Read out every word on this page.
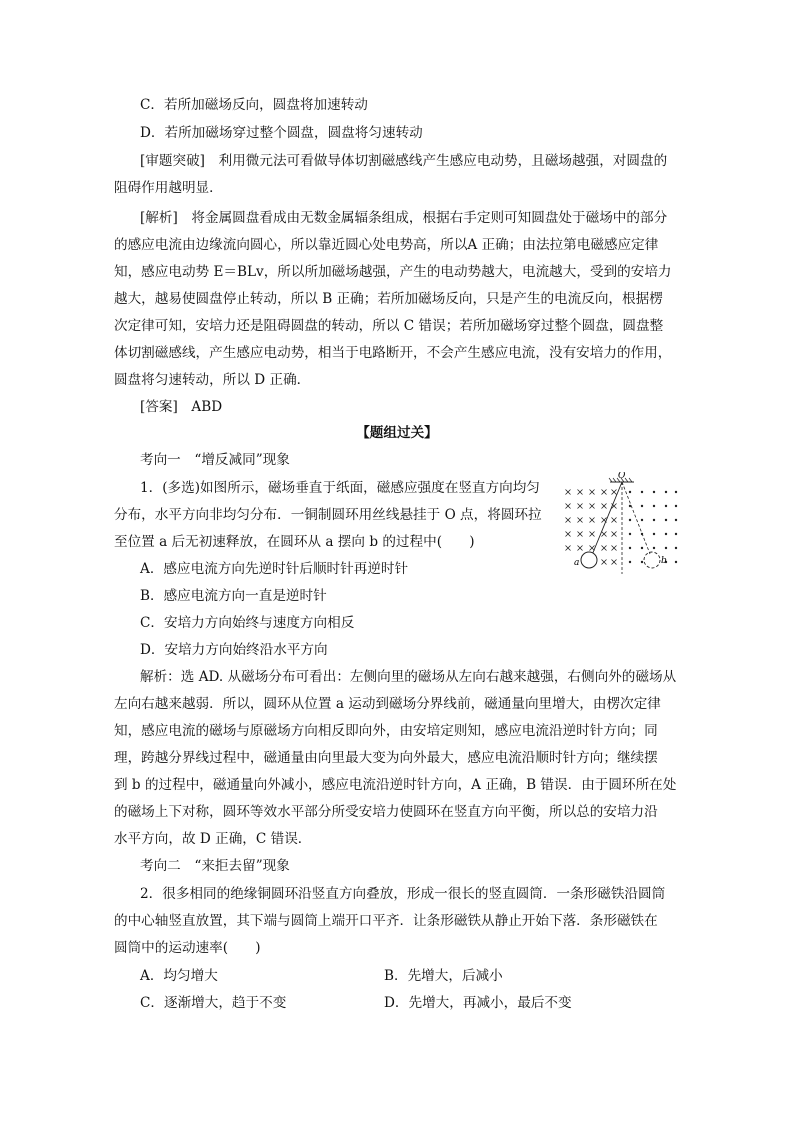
C．若所加磁场反向，圆盘将加速转动
D．若所加磁场穿过整个圆盘，圆盘将匀速转动
[审题突破]　利用微元法可看做导体切割磁感线产生感应电动势，且磁场越强，对圆盘的
阻碍作用越明显．
[解析]　将金属圆盘看成由无数金属辐条组成，根据右手定则可知圆盘处于磁场中的部分
的感应电流由边缘流向圆心，所以靠近圆心处电势高，所以A 正确；由法拉第电磁感应定律
知，感应电动势 E＝BLv，所以所加磁场越强，产生的电动势越大，电流越大，受到的安培力
越大，越易使圆盘停止转动，所以 B 正确；若所加磁场反向，只是产生的电流反向，根据楞
次定律可知，安培力还是阻碍圆盘的转动，所以 C 错误；若所加磁场穿过整个圆盘，圆盘整
体切割磁感线，产生感应电动势，相当于电路断开，不会产生感应电流，没有安培力的作用，
圆盘将匀速转动，所以 D 正确．
[答案]　ABD
【题组过关】
考向一　“增反减同”现象
1．(多选)如图所示，磁场垂直于纸面，磁感应强度在竖直方向均匀
分布，水平方向非均匀分布．一铜制圆环用丝线悬挂于 O 点，将圆环拉
至位置 a 后无初速释放，在圆环从 a 摆向 b 的过程中(　　)
A．感应电流方向先逆时针后顺时针再逆时针
B．感应电流方向一直是逆时针
C．安培力方向始终与速度方向相反
D．安培力方向始终沿水平方向
O
a	b
解析：选 AD. 从磁场分布可看出：左侧向里的磁场从左向右越来越强，右侧向外的磁场从
左向右越来越弱．所以，圆环从位置 a 运动到磁场分界线前，磁通量向里增大，由楞次定律
知，感应电流的磁场与原磁场方向相反即向外，由安培定则知，感应电流沿逆时针方向；同
理，跨越分界线过程中，磁通量由向里最大变为向外最大，感应电流沿顺时针方向；继续摆
到 b 的过程中，磁通量向外减小，感应电流沿逆时针方向，A 正确，B 错误．由于圆环所在处
的磁场上下对称，圆环等效水平部分所受安培力使圆环在竖直方向平衡，所以总的安培力沿
水平方向，故 D 正确，C 错误．
考向二　“来拒去留”现象
2．很多相同的绝缘铜圆环沿竖直方向叠放，形成一很长的竖直圆筒．一条形磁铁沿圆筒
的中心轴竖直放置，其下端与圆筒上端开口平齐．让条形磁铁从静止开始下落．条形磁铁在
圆筒中的运动速率(　　)
A．均匀增大	B．先增大，后减小
C．逐渐增大，趋于不变	D．先增大，再减小，最后不变
